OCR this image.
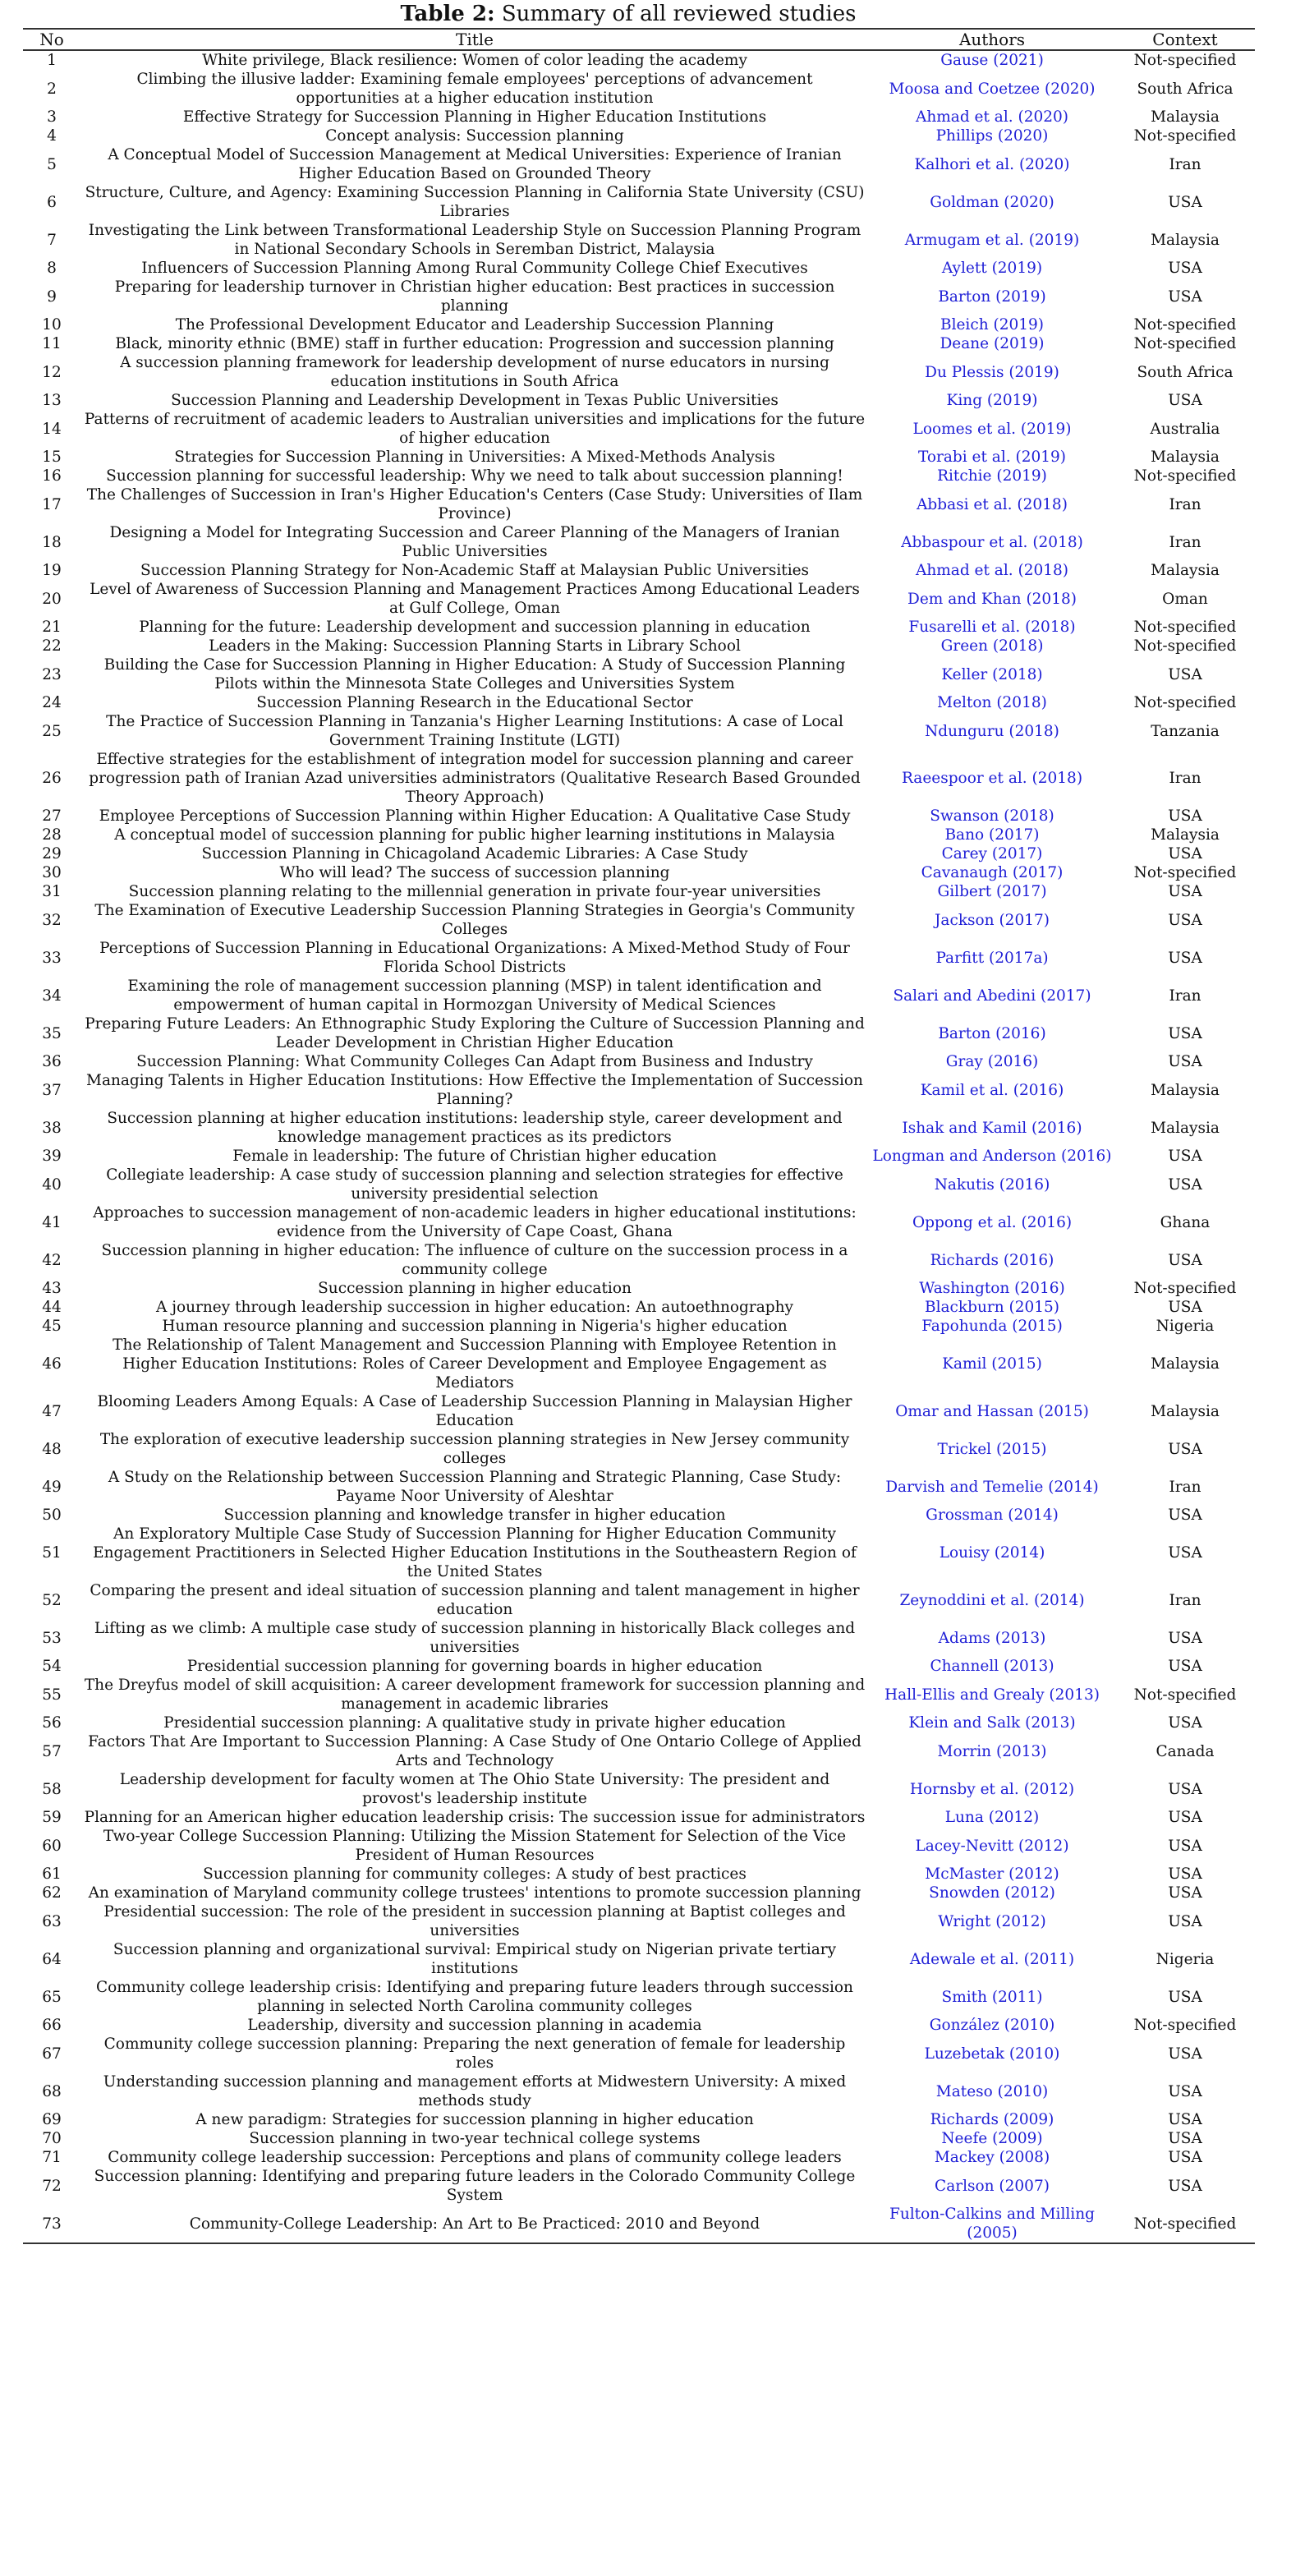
Table 2: Summary of all reviewed studies
No	Title	Authors	Context
1	White privilege, Black resilience: Women of color leading the academy	Gause (2021)	Not-specified
2	Climbing the illusive ladder: Examining female employees' perceptions of advancement opportunities at a higher education institution	Moosa and Coetzee (2020)	South Africa
3	Effective Strategy for Succession Planning in Higher Education Institutions	Ahmad et al. (2020)	Malaysia
4	Concept analysis: Succession planning	Phillips (2020)	Not-specified
5	A Conceptual Model of Succession Management at Medical Universities: Experience of Iranian Higher Education Based on Grounded Theory	Kalhori et al. (2020)	Iran
6	Structure, Culture, and Agency: Examining Succession Planning in California State University (CSU) Libraries	Goldman (2020)	USA
7	Investigating the Link between Transformational Leadership Style on Succession Planning Program in National Secondary Schools in Seremban District, Malaysia	Armugam et al. (2019)	Malaysia
8	Influencers of Succession Planning Among Rural Community College Chief Executives	Aylett (2019)	USA
9	Preparing for leadership turnover in Christian higher education: Best practices in succession planning	Barton (2019)	USA
10	The Professional Development Educator and Leadership Succession Planning	Bleich (2019)	Not-specified
11	Black, minority ethnic (BME) staff in further education: Progression and succession planning	Deane (2019)	Not-specified
12	A succession planning framework for leadership development of nurse educators in nursing education institutions in South Africa	Du Plessis (2019)	South Africa
13	Succession Planning and Leadership Development in Texas Public Universities	King (2019)	USA
14	Patterns of recruitment of academic leaders to Australian universities and implications for the future of higher education	Loomes et al. (2019)	Australia
15	Strategies for Succession Planning in Universities: A Mixed-Methods Analysis	Torabi et al. (2019)	Malaysia
16	Succession planning for successful leadership: Why we need to talk about succession planning!	Ritchie (2019)	Not-specified
17	The Challenges of Succession in Iran's Higher Education's Centers (Case Study: Universities of Ilam Province)	Abbasi et al. (2018)	Iran
18	Designing a Model for Integrating Succession and Career Planning of the Managers of Iranian Public Universities	Abbaspour et al. (2018)	Iran
19	Succession Planning Strategy for Non-Academic Staff at Malaysian Public Universities	Ahmad et al. (2018)	Malaysia
20	Level of Awareness of Succession Planning and Management Practices Among Educational Leaders at Gulf College, Oman	Dem and Khan (2018)	Oman
21	Planning for the future: Leadership development and succession planning in education	Fusarelli et al. (2018)	Not-specified
22	Leaders in the Making: Succession Planning Starts in Library School	Green (2018)	Not-specified
23	Building the Case for Succession Planning in Higher Education: A Study of Succession Planning Pilots within the Minnesota State Colleges and Universities System	Keller (2018)	USA
24	Succession Planning Research in the Educational Sector	Melton (2018)	Not-specified
25	The Practice of Succession Planning in Tanzania's Higher Learning Institutions: A case of Local Government Training Institute (LGTI)	Ndunguru (2018)	Tanzania
26	Effective strategies for the establishment of integration model for succession planning and career progression path of Iranian Azad universities administrators (Qualitative Research Based Grounded Theory Approach)	Raeespoor et al. (2018)	Iran
27	Employee Perceptions of Succession Planning within Higher Education: A Qualitative Case Study	Swanson (2018)	USA
28	A conceptual model of succession planning for public higher learning institutions in Malaysia	Bano (2017)	Malaysia
29	Succession Planning in Chicagoland Academic Libraries: A Case Study	Carey (2017)	USA
30	Who will lead? The success of succession planning	Cavanaugh (2017)	Not-specified
31	Succession planning relating to the millennial generation in private four-year universities	Gilbert (2017)	USA
32	The Examination of Executive Leadership Succession Planning Strategies in Georgia's Community Colleges	Jackson (2017)	USA
33	Perceptions of Succession Planning in Educational Organizations: A Mixed-Method Study of Four Florida School Districts	Parfitt (2017a)	USA
34	Examining the role of management succession planning (MSP) in talent identification and empowerment of human capital in Hormozgan University of Medical Sciences	Salari and Abedini (2017)	Iran
35	Preparing Future Leaders: An Ethnographic Study Exploring the Culture of Succession Planning and Leader Development in Christian Higher Education	Barton (2016)	USA
36	Succession Planning: What Community Colleges Can Adapt from Business and Industry	Gray (2016)	USA
37	Managing Talents in Higher Education Institutions: How Effective the Implementation of Succession Planning?	Kamil et al. (2016)	Malaysia
38	Succession planning at higher education institutions: leadership style, career development and knowledge management practices as its predictors	Ishak and Kamil (2016)	Malaysia
39	Female in leadership: The future of Christian higher education	Longman and Anderson (2016)	USA
40	Collegiate leadership: A case study of succession planning and selection strategies for effective university presidential selection	Nakutis (2016)	USA
41	Approaches to succession management of non-academic leaders in higher educational institutions: evidence from the University of Cape Coast, Ghana	Oppong et al. (2016)	Ghana
42	Succession planning in higher education: The influence of culture on the succession process in a community college	Richards (2016)	USA
43	Succession planning in higher education	Washington (2016)	Not-specified
44	A journey through leadership succession in higher education: An autoethnography	Blackburn (2015)	USA
45	Human resource planning and succession planning in Nigeria's higher education	Fapohunda (2015)	Nigeria
46	The Relationship of Talent Management and Succession Planning with Employee Retention in Higher Education Institutions: Roles of Career Development and Employee Engagement as Mediators	Kamil (2015)	Malaysia
47	Blooming Leaders Among Equals: A Case of Leadership Succession Planning in Malaysian Higher Education	Omar and Hassan (2015)	Malaysia
48	The exploration of executive leadership succession planning strategies in New Jersey community colleges	Trickel (2015)	USA
49	A Study on the Relationship between Succession Planning and Strategic Planning, Case Study: Payame Noor University of Aleshtar	Darvish and Temelie (2014)	Iran
50	Succession planning and knowledge transfer in higher education	Grossman (2014)	USA
51	An Exploratory Multiple Case Study of Succession Planning for Higher Education Community Engagement Practitioners in Selected Higher Education Institutions in the Southeastern Region of the United States	Louisy (2014)	USA
52	Comparing the present and ideal situation of succession planning and talent management in higher education	Zeynoddini et al. (2014)	Iran
53	Lifting as we climb: A multiple case study of succession planning in historically Black colleges and universities	Adams (2013)	USA
54	Presidential succession planning for governing boards in higher education	Channell (2013)	USA
55	The Dreyfus model of skill acquisition: A career development framework for succession planning and management in academic libraries	Hall-Ellis and Grealy (2013)	Not-specified
56	Presidential succession planning: A qualitative study in private higher education	Klein and Salk (2013)	USA
57	Factors That Are Important to Succession Planning: A Case Study of One Ontario College of Applied Arts and Technology	Morrin (2013)	Canada
58	Leadership development for faculty women at The Ohio State University: The president and provost's leadership institute	Hornsby et al. (2012)	USA
59	Planning for an American higher education leadership crisis: The succession issue for administrators	Luna (2012)	USA
60	Two-year College Succession Planning: Utilizing the Mission Statement for Selection of the Vice President of Human Resources	Lacey-Nevitt (2012)	USA
61	Succession planning for community colleges: A study of best practices	McMaster (2012)	USA
62	An examination of Maryland community college trustees' intentions to promote succession planning	Snowden (2012)	USA
63	Presidential succession: The role of the president in succession planning at Baptist colleges and universities	Wright (2012)	USA
64	Succession planning and organizational survival: Empirical study on Nigerian private tertiary institutions	Adewale et al. (2011)	Nigeria
65	Community college leadership crisis: Identifying and preparing future leaders through succession planning in selected North Carolina community colleges	Smith (2011)	USA
66	Leadership, diversity and succession planning in academia	González (2010)	Not-specified
67	Community college succession planning: Preparing the next generation of female for leadership roles	Luzebetak (2010)	USA
68	Understanding succession planning and management efforts at Midwestern University: A mixed methods study	Mateso (2010)	USA
69	A new paradigm: Strategies for succession planning in higher education	Richards (2009)	USA
70	Succession planning in two-year technical college systems	Neefe (2009)	USA
71	Community college leadership succession: Perceptions and plans of community college leaders	Mackey (2008)	USA
72	Succession planning: Identifying and preparing future leaders in the Colorado Community College System	Carlson (2007)	USA
73	Community-College Leadership: An Art to Be Practiced: 2010 and Beyond	Fulton-Calkins and Milling (2005)	Not-specified
